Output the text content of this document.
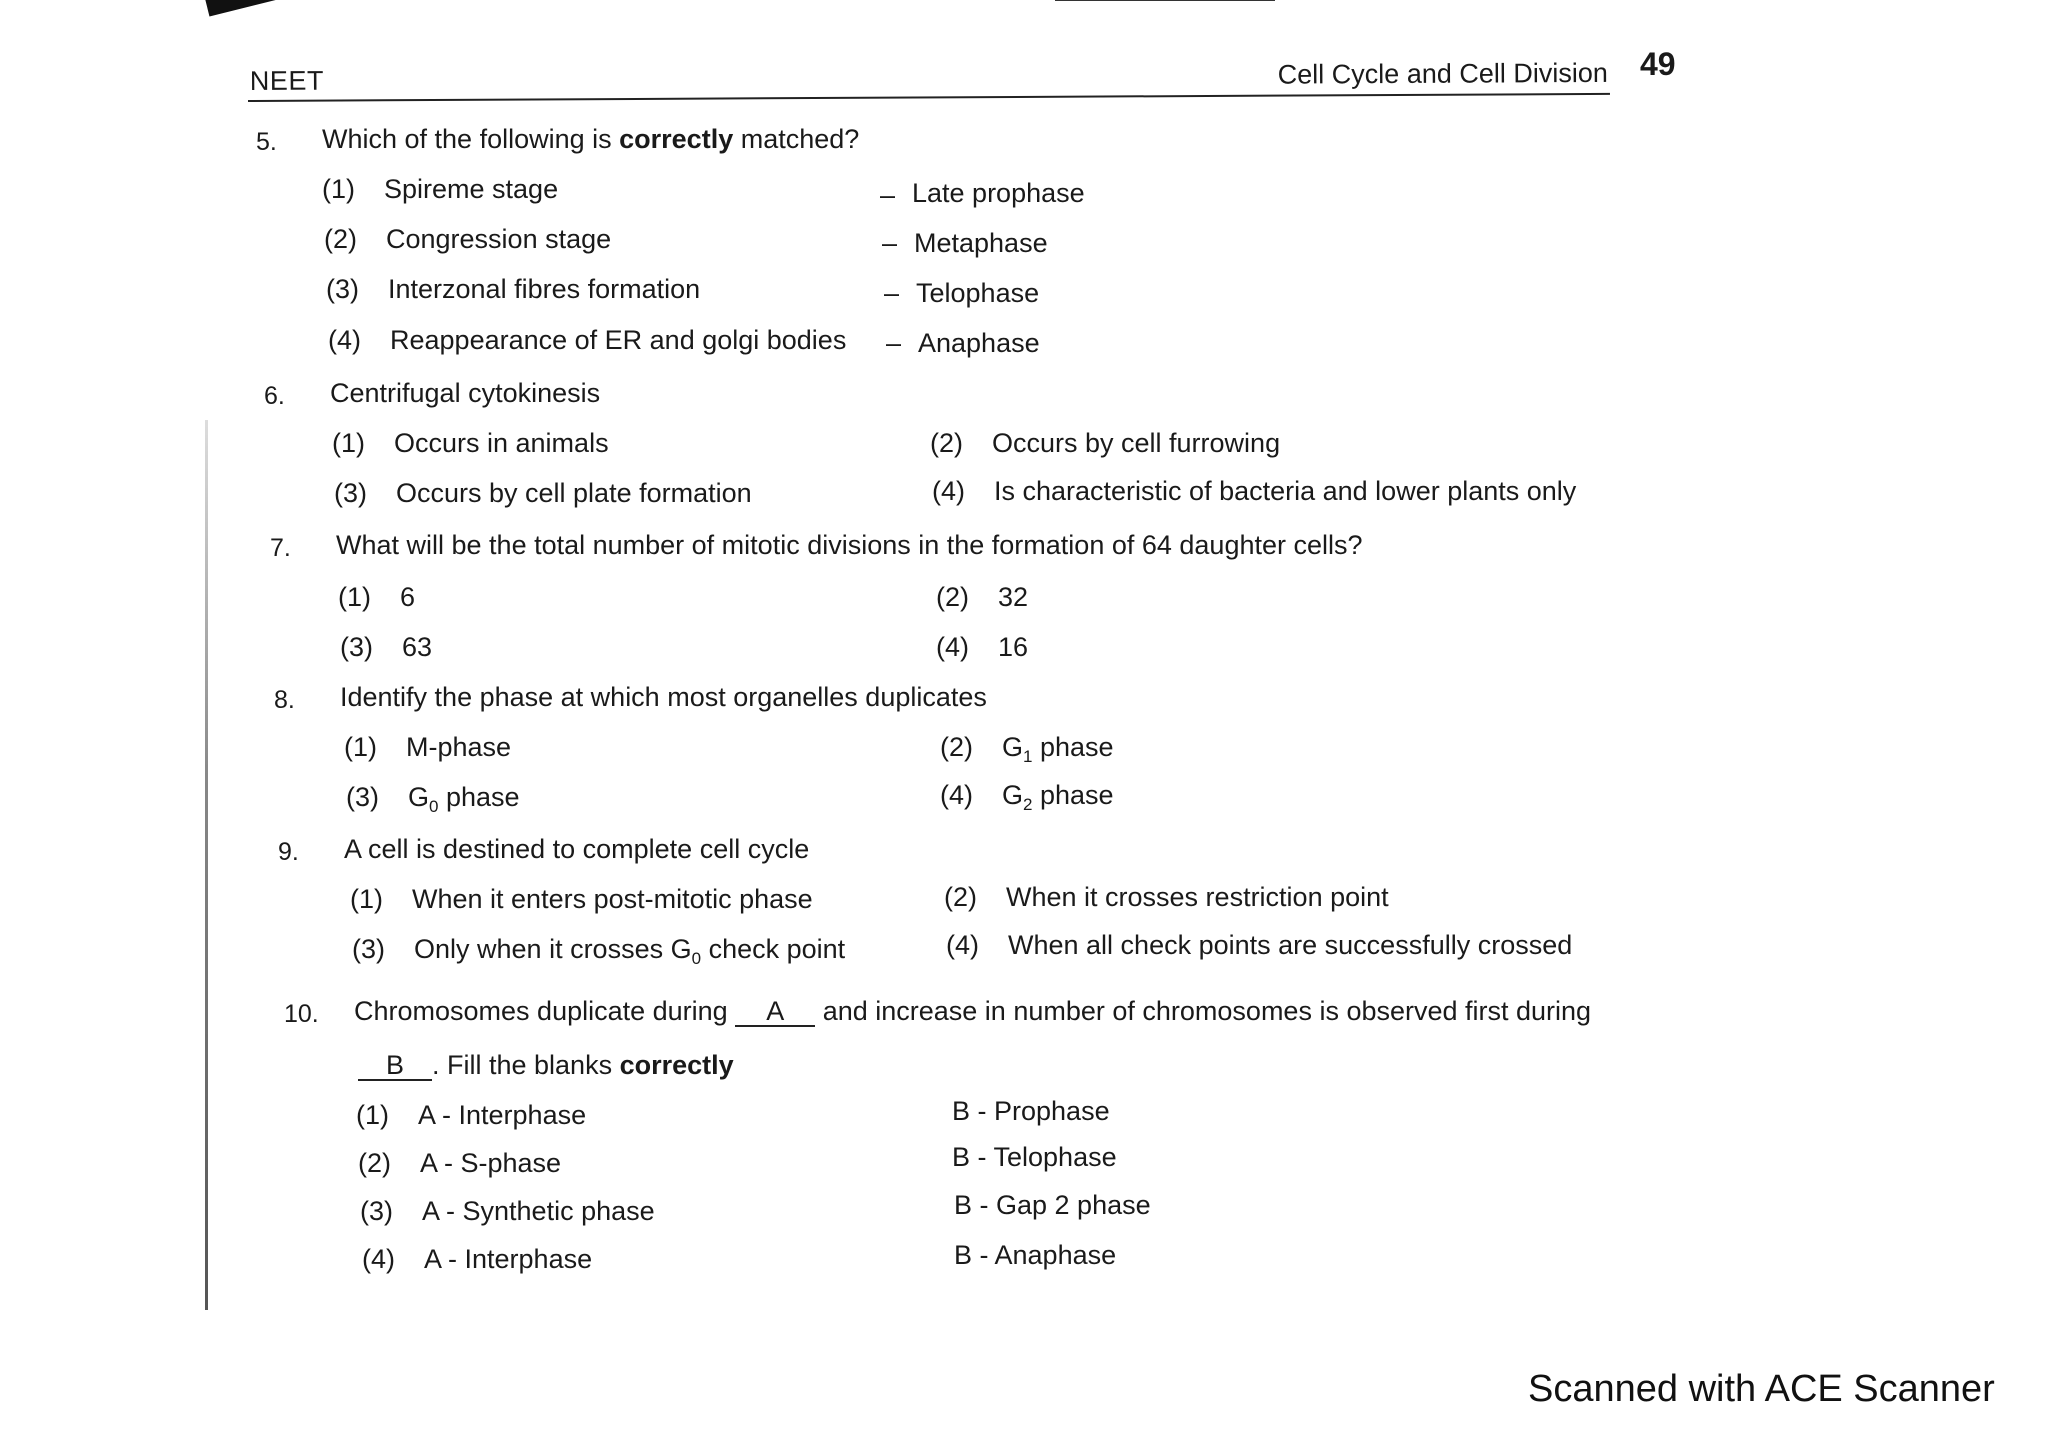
NEET	Cell Cycle and Cell Division 49
5. Which of the following is correctly matched?
(1) Spireme stage	– Late prophase
(2) Congression stage	– Metaphase
(3) Interzonal fibres formation	– Telophase
(4) Reappearance of ER and golgi bodies – Anaphase
6. Centrifugal cytokinesis
(1) Occurs in animals	(2) Occurs by cell furrowing
(3) Occurs by cell plate formation	(4) Is characteristic of bacteria and lower plants only
7. What will be the total number of mitotic divisions in the formation of 64 daughter cells?
(1) 6	(2) 32
(3) 63	(4) 16
8. Identify the phase at which most organelles duplicates
(1) M-phase	(2) $G_1$ phase
(3) $G_0$ phase	(4) $G_2$ phase
9. A cell is destined to complete cell cycle
(1) When it enters post-mitotic phase	(2) When it crosses restriction point
(3) Only when it crosses $G_0$ check point	(4) When all check points are successfully crossed
10. Chromosomes duplicate during A and increase in number of chromosomes is observed first during
B . Fill the blanks correctly
(1) A - Interphase	B - Prophase
(2) A - S-phase	B - Telophase
(3) A - Synthetic phase	B - Gap 2 phase
(4) A - Interphase	B - Anaphase
Scanned with ACE Scanner
